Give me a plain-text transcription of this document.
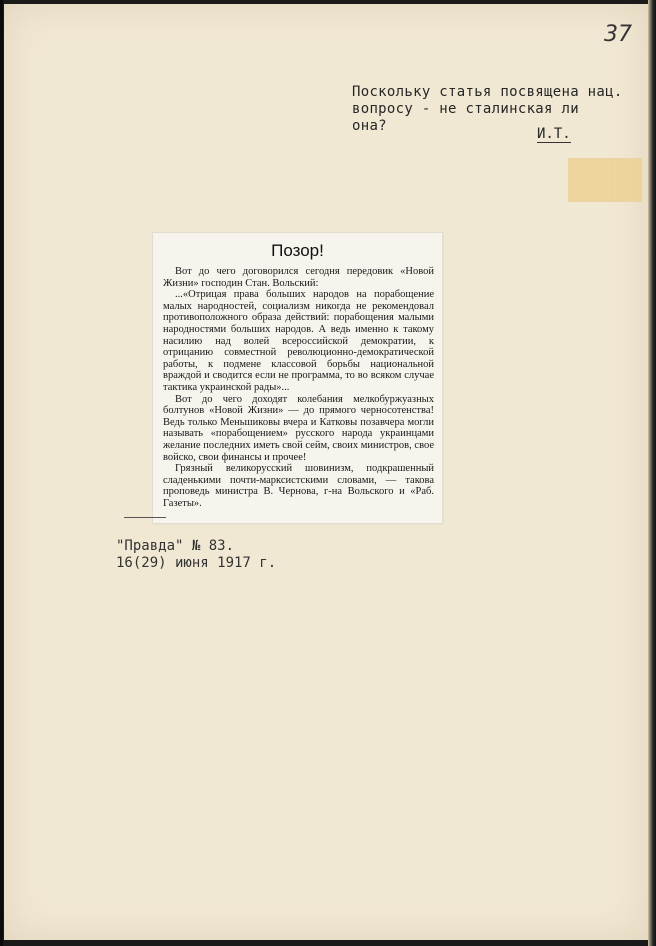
37
Поскольку статья посвящена нац.
вопросу - не сталинская ли
она?	И.Т.
Позор!

Вот до чего договорился сегодня передовик «Новой Жизни» господин Стан. Вольский:

...«Отрицая права больших народов на порабощение малых народностей, социализм никогда не рекомендовал противоположного образа действий: порабощения малыми народностями больших народов. А ведь именно к такому насилию над волей всероссийской демократии, к отрицанию совместной революционно-демократической работы, к подмене классовой борьбы национальной враждой и сводится если не программа, то во всяком случае тактика украинской рады»...

Вот до чего доходят колебания мелкобуржуазных болтунов «Новой Жизни» — до прямого черносотенства! Ведь только Меньшиковы вчера и Катковы позавчера могли называть «порабощением» русского народа украинцами желание последних иметь свой сейм, своих министров, свое войско, свои финансы и прочее!

Грязный великорусский шовинизм, подкрашенный сладенькими почти-марксистскими словами, — такова проповедь министра В. Чернова, г-на Вольского и «Раб. Газеты».

"Правда" № 83.
16(29) июня 1917 г.
